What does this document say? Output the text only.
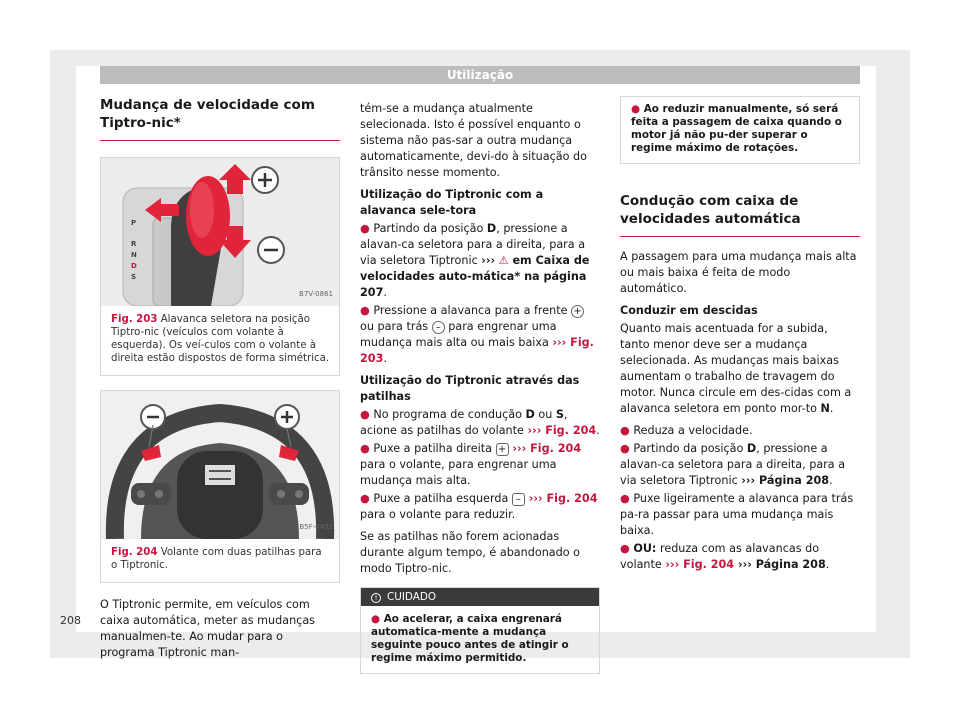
Utilização
Mudança de velocidade com Tiptro-nic*
P
R
N
D
S
B7V-0861
Fig. 203 Alavanca seletora na posição Tiptro-nic (veículos com volante à esquerda). Os veí-culos com o volante à direita estão dispostos de forma simétrica.
B5F-0402
Fig. 204 Volante com duas patilhas para o Tiptronic.

O Tiptronic permite, em veículos com caixa automática, meter as mudanças manualmen-te. Ao mudar para o programa Tiptronic man-

tém-se a mudança atualmente selecionada. Isto é possível enquanto o sistema não pas-sar a outra mudança automaticamente, devi-do à situação do trânsito nesse momento.

Utilização do Tiptronic com a alavanca sele-tora
● Partindo da posição D, pressione a alavan-ca seletora para a direita, para a via seletora Tiptronic ››› ⚠ em Caixa de velocidades auto-mática* na página 207.
● Pressione a alavanca para a frente + ou para trás – para engrenar uma mudança mais alta ou mais baixa ››› Fig. 203.
Utilização do Tiptronic através das patilhas
● No programa de condução D ou S, acione as patilhas do volante ››› Fig. 204.
● Puxe a patilha direita + ››› Fig. 204 para o volante, para engrenar uma mudança mais alta.
● Puxe a patilha esquerda – ››› Fig. 204 para o volante para reduzir.

Se as patilhas não forem acionadas durante algum tempo, é abandonado o modo Tiptro-nic.

! CUIDADO
● Ao acelerar, a caixa engrenará automatica-mente a mudança seguinte pouco antes de atingir o regime máximo permitido.
● Ao reduzir manualmente, só será feita a passagem de caixa quando o motor já não pu-der superar o regime máximo de rotações.
Condução com caixa de velocidades automática

A passagem para uma mudança mais alta ou mais baixa é feita de modo automático.

Conduzir em descidas

Quanto mais acentuada for a subida, tanto menor deve ser a mudança selecionada. As mudanças mais baixas aumentam o trabalho de travagem do motor. Nunca circule em des-cidas com a alavanca seletora em ponto mor-to N.

● Reduza a velocidade.
● Partindo da posição D, pressione a alavan-ca seletora para a direita, para a via seletora Tiptronic ››› Página 208.
● Puxe ligeiramente a alavanca para trás pa-ra passar para uma mudança mais baixa.
● OU: reduza com as alavancas do volante ››› Fig. 204 ››› Página 208.
208
